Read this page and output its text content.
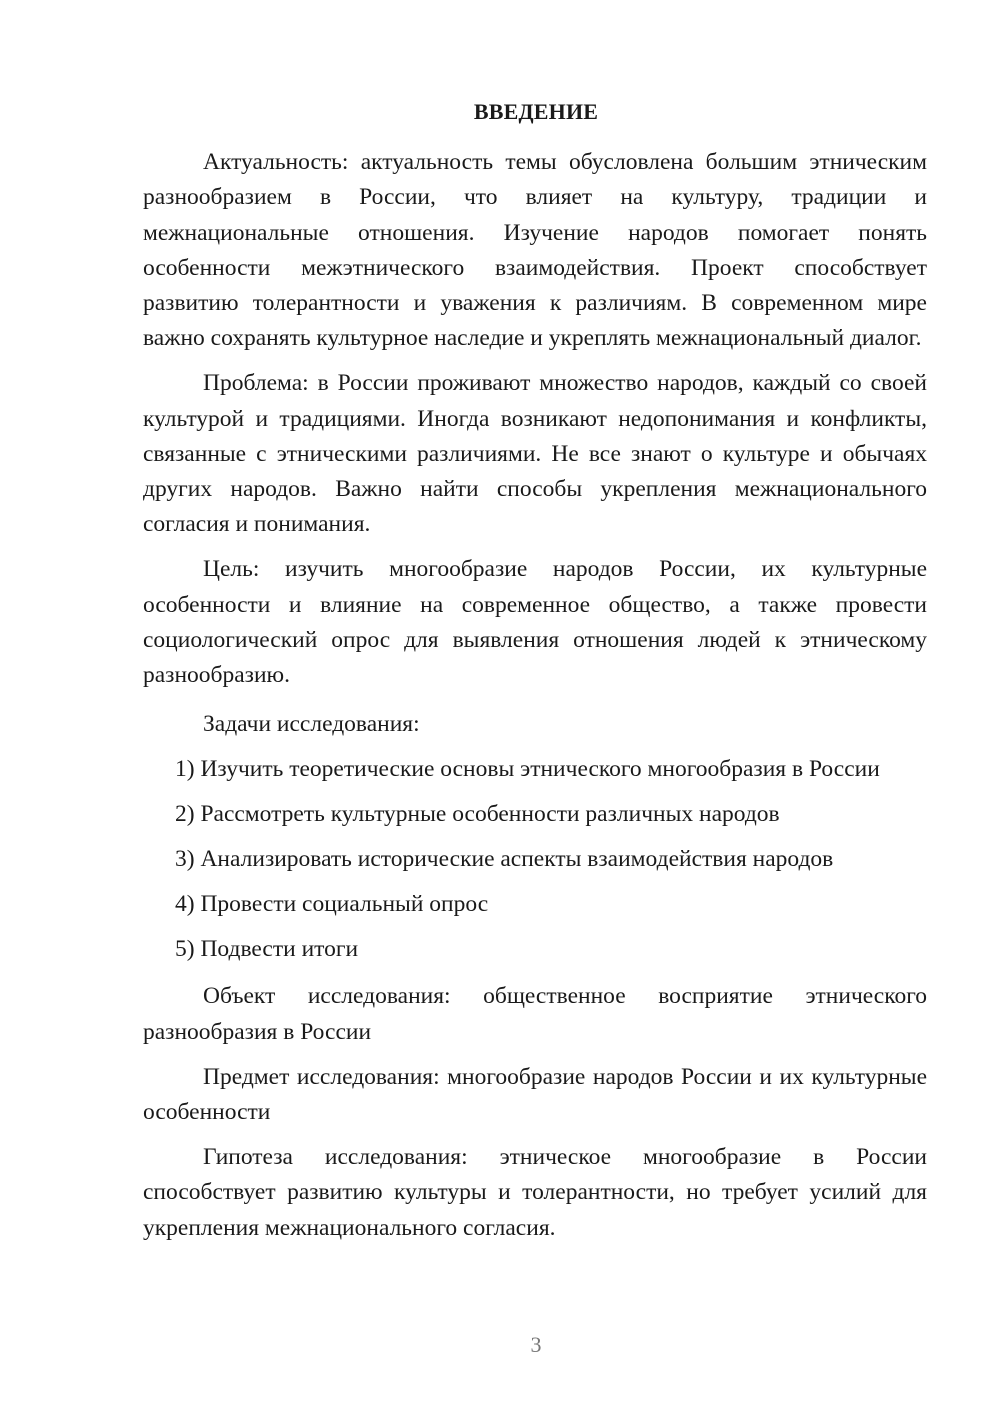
ВВЕДЕНИЕ

Актуальность: актуальность темы обусловлена большим этническим разнообразием в России, что влияет на культуру, традиции и межнациональные отношения. Изучение народов помогает понять особенности межэтнического взаимодействия. Проект способствует развитию толерантности и уважения к различиям. В современном мире важно сохранять культурное наследие и укреплять межнациональный диалог.

Проблема: в России проживают множество народов, каждый со своей культурой и традициями. Иногда возникают недопонимания и конфликты, связанные с этническими различиями. Не все знают о культуре и обычаях других народов. Важно найти способы укрепления межнационального согласия и понимания.

Цель: изучить многообразие народов России, их культурные особенности и влияние на современное общество, а также провести социологический опрос для выявления отношения людей к этническому разнообразию.

Задачи исследования:

1) Изучить теоретические основы этнического многообразия в России
2) Рассмотреть культурные особенности различных народов
3) Анализировать исторические аспекты взаимодействия народов
4) Провести социальный опрос
5) Подвести итоги

Объект исследования: общественное восприятие этнического разнообразия в России

Предмет исследования: многообразие народов России и их культурные особенности

Гипотеза исследования: этническое многообразие в России способствует развитию культуры и толерантности, но требует усилий для укрепления межнационального согласия.

3
